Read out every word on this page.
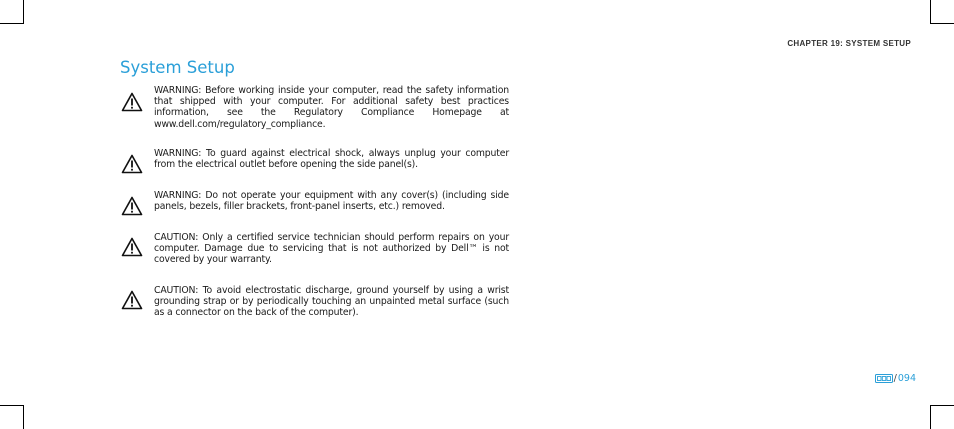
CHAPTER 19: SYSTEM SETUP
System Setup
WARNING: Before working inside your computer, read the safety information that shipped with your computer. For additional safety best practices information, see the Regulatory Compliance Homepage at www.dell.com/regulatory_compliance.
WARNING: To guard against electrical shock, always unplug your computer from the electrical outlet before opening the side panel(s).
WARNING: Do not operate your equipment with any cover(s) (including side panels, bezels, filler brackets, front-panel inserts, etc.) removed.
CAUTION: Only a certified service technician should perform repairs on your computer. Damage due to servicing that is not authorized by Dell™ is not covered by your warranty.
CAUTION: To avoid electrostatic discharge, ground yourself by using a wrist grounding strap or by periodically touching an unpainted metal surface (such as a connector on the back of the computer).
/ 094
